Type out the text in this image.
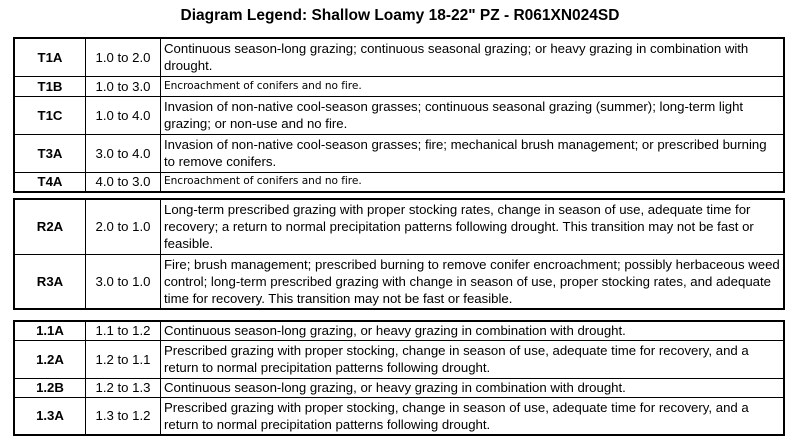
Diagram Legend: Shallow Loamy 18-22" PZ - R061XN024SD
T1A	1.0 to 2.0	Continuous season-long grazing; continuous seasonal grazing; or heavy grazing in combination with drought.
T1B	1.0 to 3.0	Encroachment of conifers and no fire.
T1C	1.0 to 4.0	Invasion of non-native cool-season grasses; continuous seasonal grazing (summer); long-term light grazing; or non-use and no fire.
T3A	3.0 to 4.0	Invasion of non-native cool-season grasses; fire; mechanical brush management; or prescribed burning to remove conifers.
T4A	4.0 to 3.0	Encroachment of conifers and no fire.
R2A	2.0 to 1.0	Long-term prescribed grazing with proper stocking rates, change in season of use, adequate time for recovery; a return to normal precipitation patterns following drought. This transition may not be fast or feasible.
R3A	3.0 to 1.0	Fire; brush management; prescribed burning to remove conifer encroachment; possibly herbaceous weed control; long-term prescribed grazing with change in season of use, proper stocking rates, and adequate time for recovery. This transition may not be fast or feasible.
1.1A	1.1 to 1.2	Continuous season-long grazing, or heavy grazing in combination with drought.
1.2A	1.2 to 1.1	Prescribed grazing with proper stocking, change in season of use, adequate time for recovery, and a return to normal precipitation patterns following drought.
1.2B	1.2 to 1.3	Continuous season-long grazing, or heavy grazing in combination with drought.
1.3A	1.3 to 1.2	Prescribed grazing with proper stocking, change in season of use, adequate time for recovery, and a return to normal precipitation patterns following drought.
